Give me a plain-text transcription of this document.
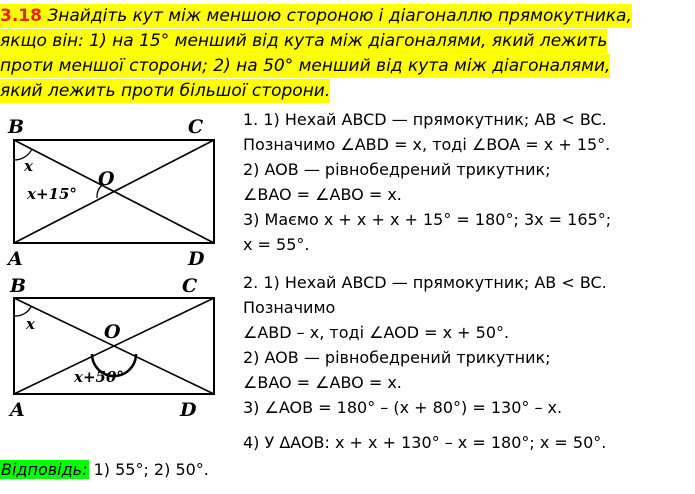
3.18 Знайдіть кут між меншою стороною і діагоналлю прямокутника,
якщо він: 1) на 15° менший від кута між діагоналями, який лежить
проти меншої сторони; 2) на 50° менший від кута між діагоналями,
який лежить проти більшої сторони.
B	C
A	D
O
x
x+15°
B	C
A	D
O
x
x+50°
1. 1) Нехай ABCD — прямокутник; AB < BC.
Позначимо ∠ABD = x, тоді ∠BOA = x + 15°.
2) AOB — рівнобедрений трикутник;
∠BAO = ∠ABO = x.
3) Маємо x + x + x + 15° = 180°; 3x = 165°;
x = 55°.
2. 1) Нехай ABCD — прямокутник; AB < BC.
Позначимо
∠ABD – x, тоді ∠AOD = x + 50°.
2) AOB — рівнобедрений трикутник;
∠BAO = ∠ABO = x.
3) ∠AOB = 180° – (x + 80°) = 130° – x.
4) У ΔAOB: x + x + 130° – x = 180°; x = 50°.
Відповідь: 1) 55°; 2) 50°.
